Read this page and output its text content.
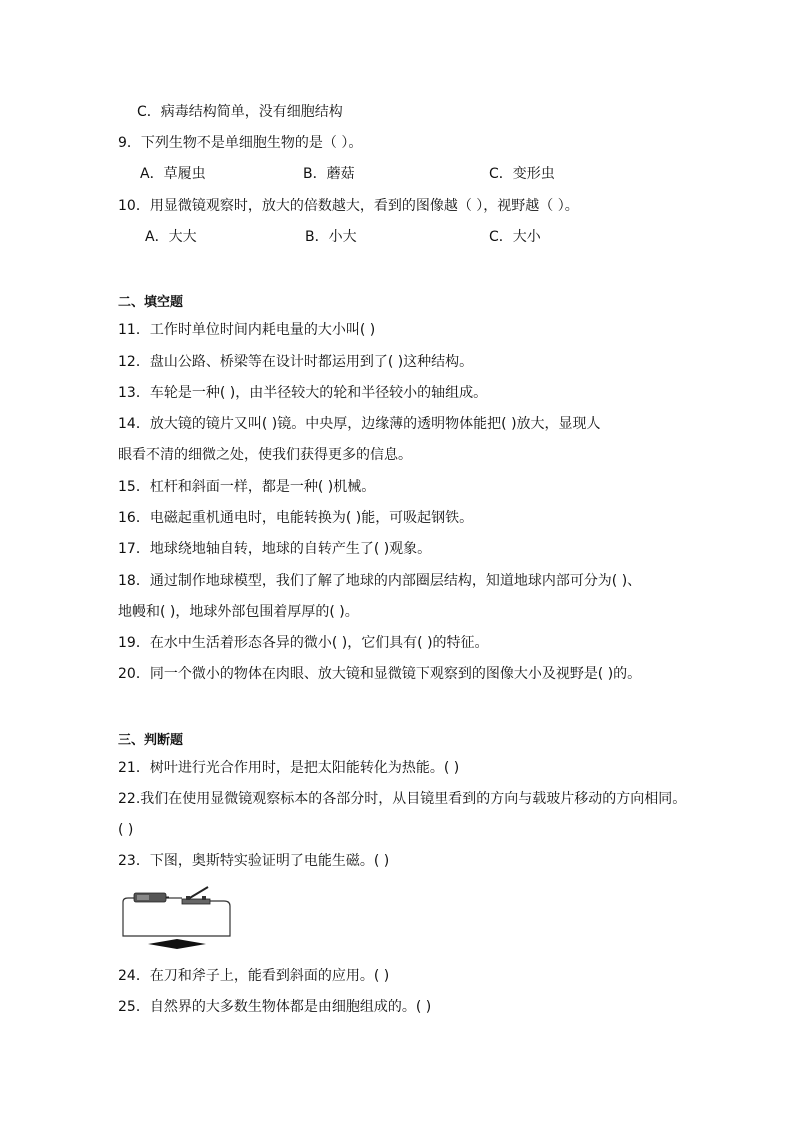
C．病毒结构简单，没有细胞结构
9．下列生物不是单细胞生物的是（ ）。
A．草履虫	B．蘑菇	C．变形虫
10．用显微镜观察时，放大的倍数越大，看到的图像越（ ），视野越（ ）。
A．大大	B．小大	C．大小
二、填空题
11．工作时单位时间内耗电量的大小叫( )
12．盘山公路、桥梁等在设计时都运用到了( )这种结构。
13．车轮是一种( )，由半径较大的轮和半径较小的轴组成。
14．放大镜的镜片又叫( )镜。中央厚，边缘薄的透明物体能把( )放大，显现人
眼看不清的细微之处，使我们获得更多的信息。
15．杠杆和斜面一样，都是一种( )机械。
16．电磁起重机通电时，电能转换为( )能，可吸起钢铁。
17．地球绕地轴自转，地球的自转产生了( )观象。
18．通过制作地球模型，我们了解了地球的内部圈层结构，知道地球内部可分为( )、
地幔和( )，地球外部包围着厚厚的( )。
19．在水中生活着形态各异的微小( )，它们具有( )的特征。
20．同一个微小的物体在肉眼、放大镜和显微镜下观察到的图像大小及视野是( )的。
三、判断题
21．树叶进行光合作用时，是把太阳能转化为热能。( )
22.我们在使用显微镜观察标本的各部分时，从目镜里看到的方向与载玻片移动的方向相同。
( )
23．下图，奥斯特实验证明了电能生磁。( )
24．在刀和斧子上，能看到斜面的应用。( )
25．自然界的大多数生物体都是由细胞组成的。( )
